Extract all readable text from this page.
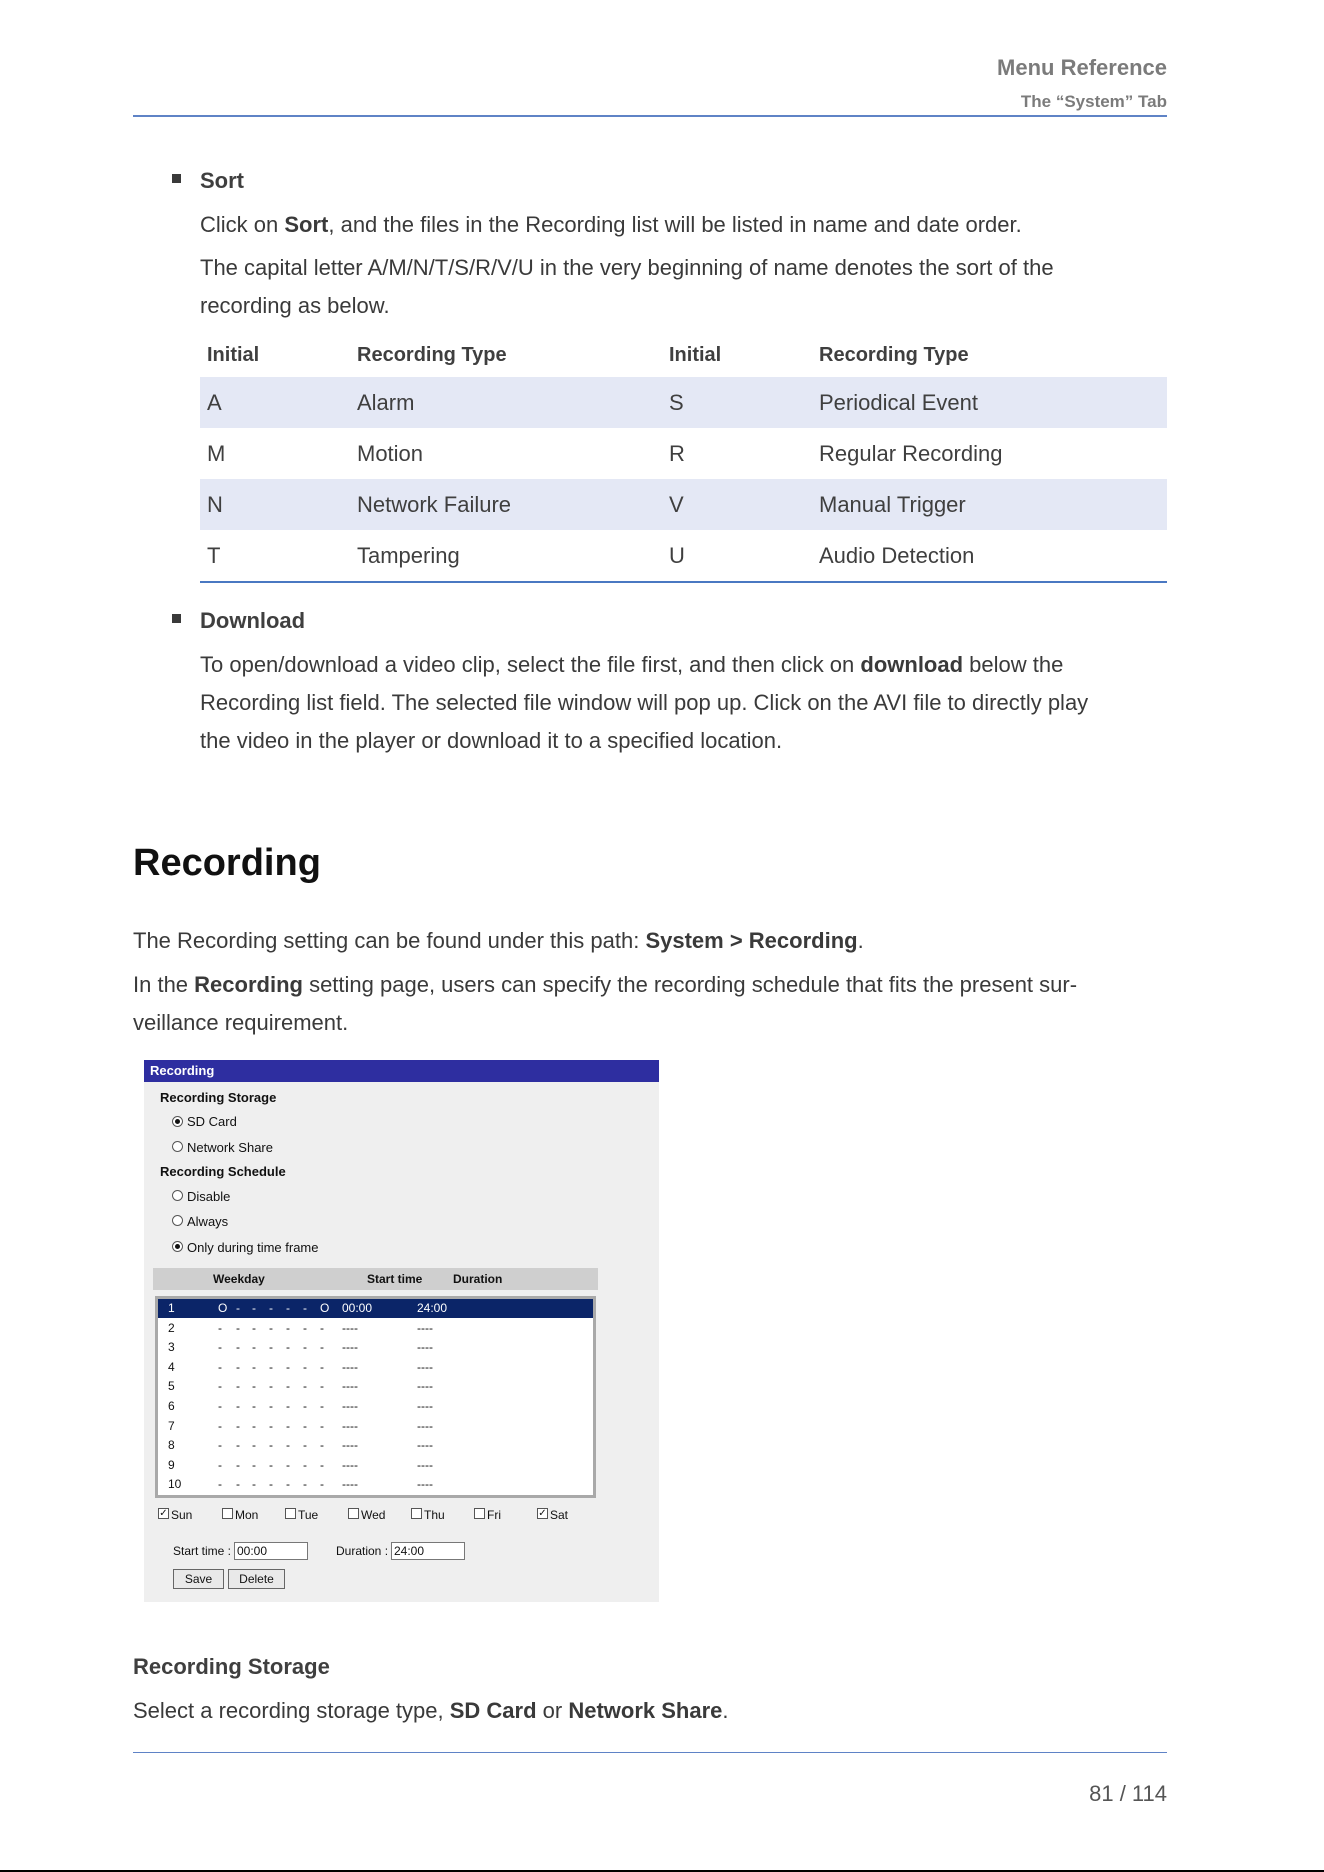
Menu Reference
The “System” Tab
Sort
Click on Sort, and the files in the Recording list will be listed in name and date order.
The capital letter A/M/N/T/S/R/V/U in the very beginning of name denotes the sort of the
recording as below.
Initial	Recording Type	Initial	Recording Type
A	Alarm	S	Periodical Event
M	Motion	R	Regular Recording
N	Network Failure	V	Manual Trigger
T	Tampering	U	Audio Detection
Download
To open/download a video clip, select the file first, and then click on download below the
Recording list field. The selected file window will pop up. Click on the AVI file to directly play
the video in the player or download it to a specified location.
Recording
The Recording setting can be found under this path: System > Recording.
In the Recording setting page, users can specify the recording schedule that fits the present sur-
veillance requirement.
Recording
Recording Storage
SD Card
Network Share
Recording Schedule
Disable
Always
Only during time frame
Weekday	Start time	Duration
1	O - - - - - O 00:00	24:00
2	- - - - - - - ----	----
3	- - - - - - - ----	----
4	- - - - - - - ----	----
5	- - - - - - - ----	----
6	- - - - - - - ----	----
7	- - - - - - - ----	----
8	- - - - - - - ----	----
9	- - - - - - - ----	----
10	- - - - - - - ----	----
✓ Sun	Mon	Tue	Wed	Thu	Fri	✓ Sat
Start time : 00:00	Duration : 24:00
Save	Delete
Recording Storage
Select a recording storage type, SD Card or Network Share.
81 / 114
